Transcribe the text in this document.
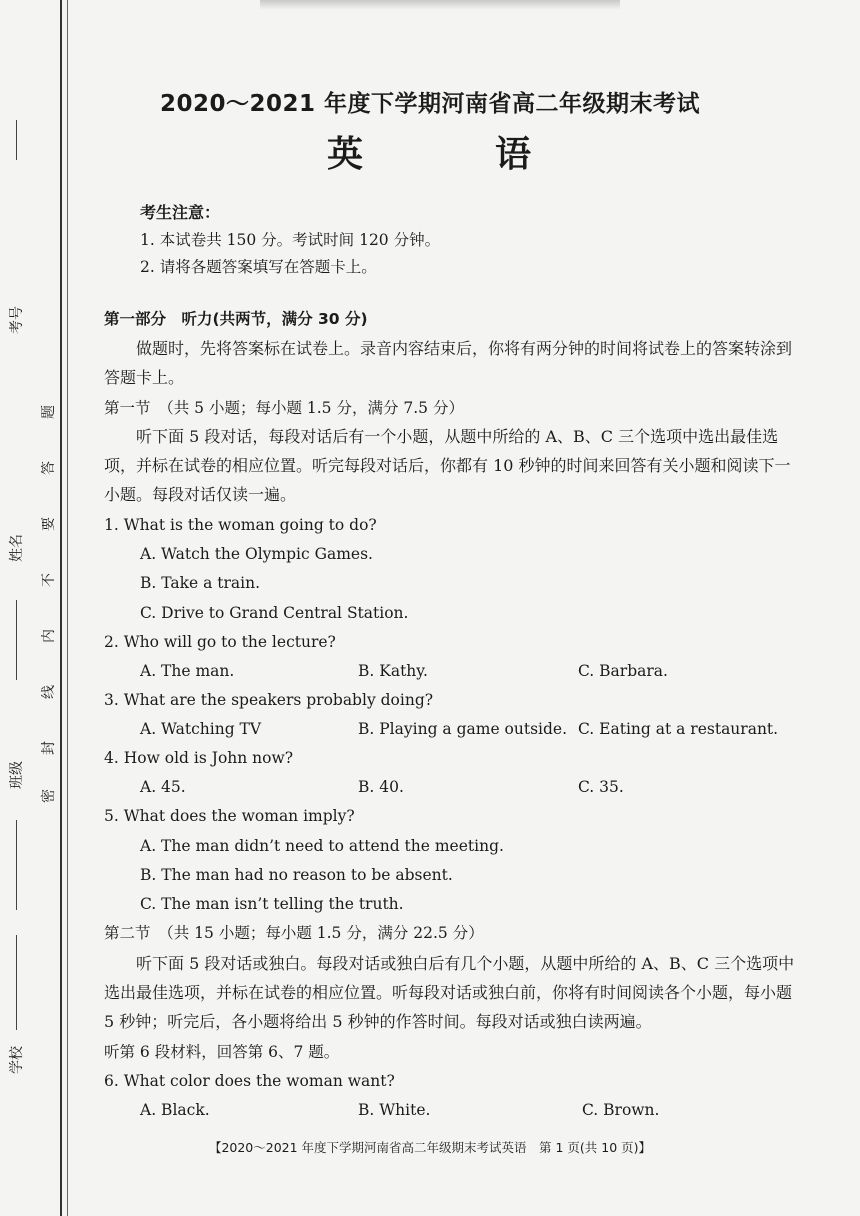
考号
姓名
班级
学校
题
答
要
不
内
线
封
密
2020～2021 年度下学期河南省高二年级期末考试
英　语
考生注意：
1. 本试卷共 150 分。考试时间 120 分钟。
2. 请将各题答案填写在答题卡上。
第一部分　听力(共两节，满分 30 分)
做题时，先将答案标在试卷上。录音内容结束后，你将有两分钟的时间将试卷上的答案转涂到答题卡上。
第一节　（共 5 小题；每小题 1.5 分，满分 7.5 分）
听下面 5 段对话，每段对话后有一个小题，从题中所给的 A、B、C 三个选项中选出最佳选项，并标在试卷的相应位置。听完每段对话后，你都有 10 秒钟的时间来回答有关小题和阅读下一小题。每段对话仅读一遍。
1. What is the woman going to do?
A. Watch the Olympic Games.
B. Take a train.
C. Drive to Grand Central Station.
2. Who will go to the lecture?
A. The man.	B. Kathy.	C. Barbara.
3. What are the speakers probably doing?
A. Watching TV	B. Playing a game outside. C. Eating at a restaurant.
4. How old is John now?
A. 45.	B. 40.	C. 35.
5. What does the woman imply?
A. The man didn’t need to attend the meeting.
B. The man had no reason to be absent.
C. The man isn’t telling the truth.
第二节　（共 15 小题；每小题 1.5 分，满分 22.5 分）
听下面 5 段对话或独白。每段对话或独白后有几个小题，从题中所给的 A、B、C 三个选项中选出最佳选项，并标在试卷的相应位置。听每段对话或独白前，你将有时间阅读各个小题，每小题 5 秒钟；听完后，各小题将给出 5 秒钟的作答时间。每段对话或独白读两遍。
听第 6 段材料，回答第 6、7 题。
6. What color does the woman want?
A. Black.	B. White.	C. Brown.
【2020～2021 年度下学期河南省高二年级期末考试英语　第 1 页(共 10 页)】
